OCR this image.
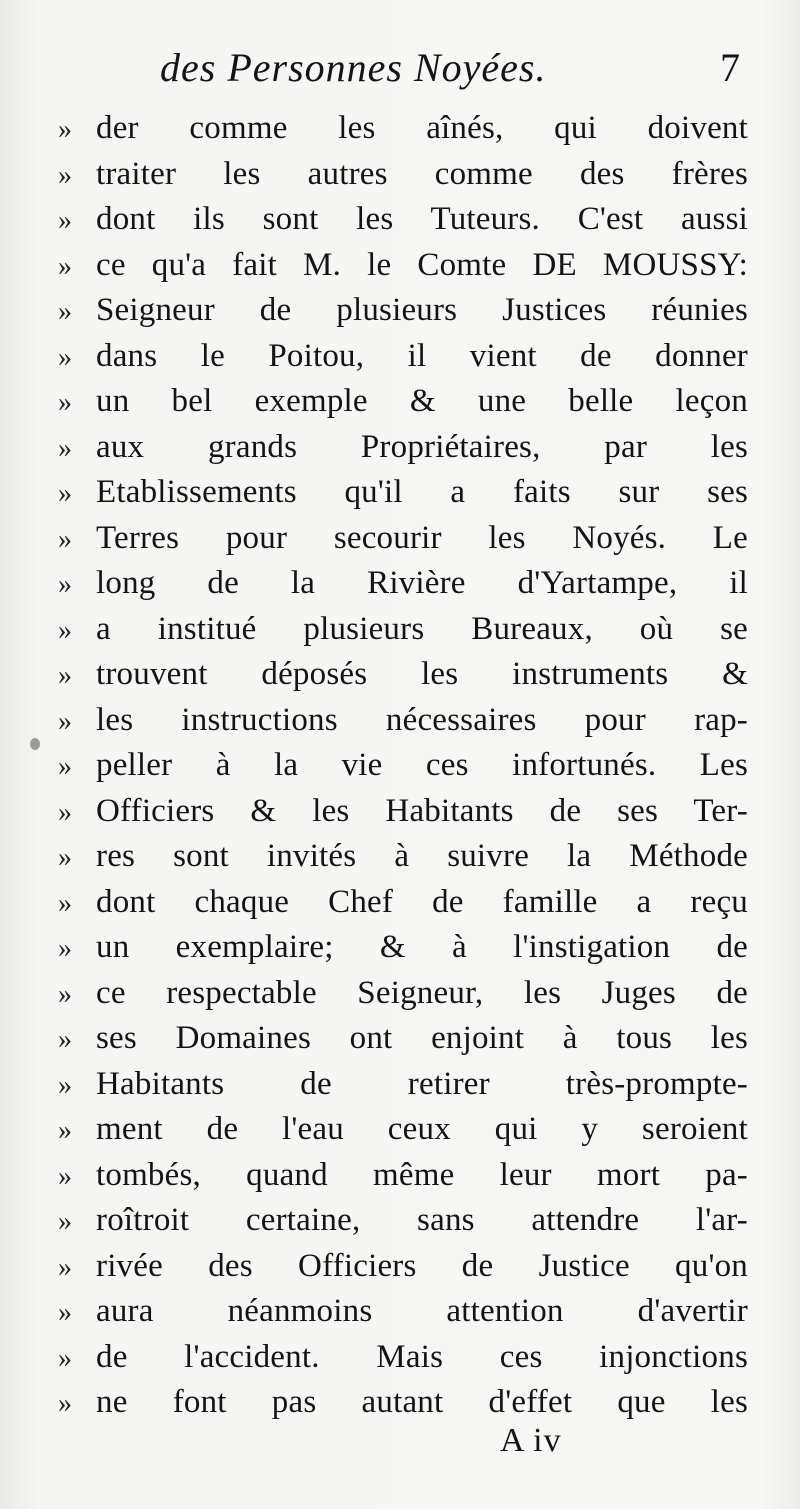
des Personnes Noyées.	7
» der comme les aînés, qui doivent
» traiter les autres comme des frères
» dont ils sont les Tuteurs. C'est aussi
» ce qu'a fait M. le Comte DE MOUSSY:
» Seigneur de plusieurs Justices réunies
» dans le Poitou, il vient de donner
» un bel exemple & une belle leçon
» aux grands Propriétaires, par les
» Etablissements qu'il a faits sur ses
» Terres pour secourir les Noyés. Le
» long de la Rivière d'Yartampe, il
» a institué plusieurs Bureaux, où se
» trouvent déposés les instruments &
» les instructions nécessaires pour rap-
» peller à la vie ces infortunés. Les
» Officiers & les Habitants de ses Ter-
» res sont invités à suivre la Méthode
» dont chaque Chef de famille a reçu
» un exemplaire; & à l'instigation de
» ce respectable Seigneur, les Juges de
» ses Domaines ont enjoint à tous les
» Habitants de retirer très-prompte-
» ment de l'eau ceux qui y seroient
» tombés, quand même leur mort pa-
» roîtroit certaine, sans attendre l'ar-
» rivée des Officiers de Justice qu'on
» aura néanmoins attention d'avertir
» de l'accident. Mais ces injonctions
» ne font pas autant d'effet que les
A iv
